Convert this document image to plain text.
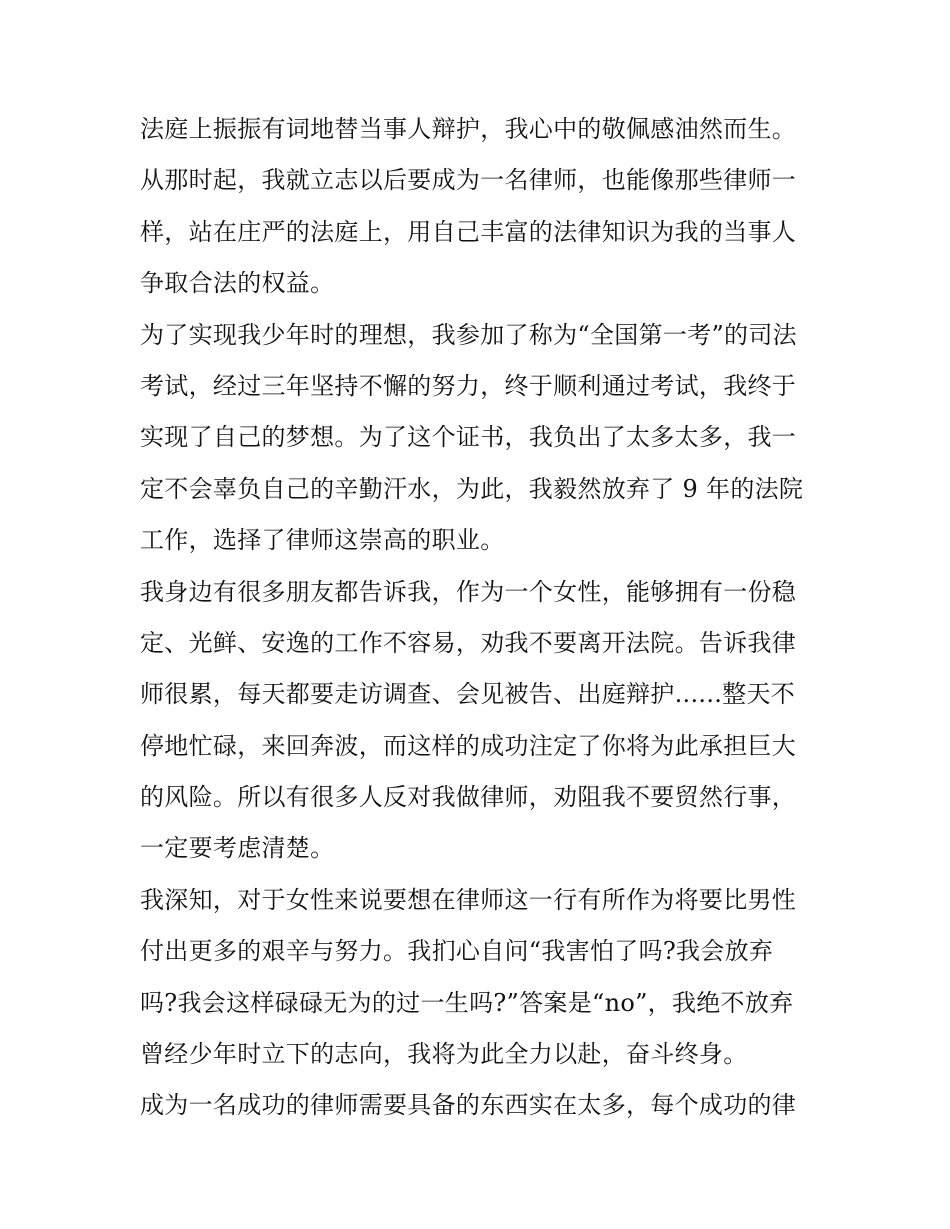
法庭上振振有词地替当事人辩护，我心中的敬佩感油然而生。
从那时起，我就立志以后要成为一名律师，也能像那些律师一
样，站在庄严的法庭上，用自己丰富的法律知识为我的当事人
争取合法的权益。
为了实现我少年时的理想，我参加了称为“全国第一考”的司法
考试，经过三年坚持不懈的努力，终于顺利通过考试，我终于
实现了自己的梦想。为了这个证书，我负出了太多太多，我一
定不会辜负自己的辛勤汗水，为此，我毅然放弃了 9 年的法院
工作，选择了律师这崇高的职业。
我身边有很多朋友都告诉我，作为一个女性，能够拥有一份稳
定、光鲜、安逸的工作不容易，劝我不要离开法院。告诉我律
师很累，每天都要走访调查、会见被告、出庭辩护......整天不
停地忙碌，来回奔波，而这样的成功注定了你将为此承担巨大
的风险。所以有很多人反对我做律师，劝阻我不要贸然行事，
一定要考虑清楚。
我深知，对于女性来说要想在律师这一行有所作为将要比男性
付出更多的艰辛与努力。我扪心自问“我害怕了吗?我会放弃
吗?我会这样碌碌无为的过一生吗?”答案是“no”，我绝不放弃
曾经少年时立下的志向，我将为此全力以赴，奋斗终身。
成为一名成功的律师需要具备的东西实在太多，每个成功的律
